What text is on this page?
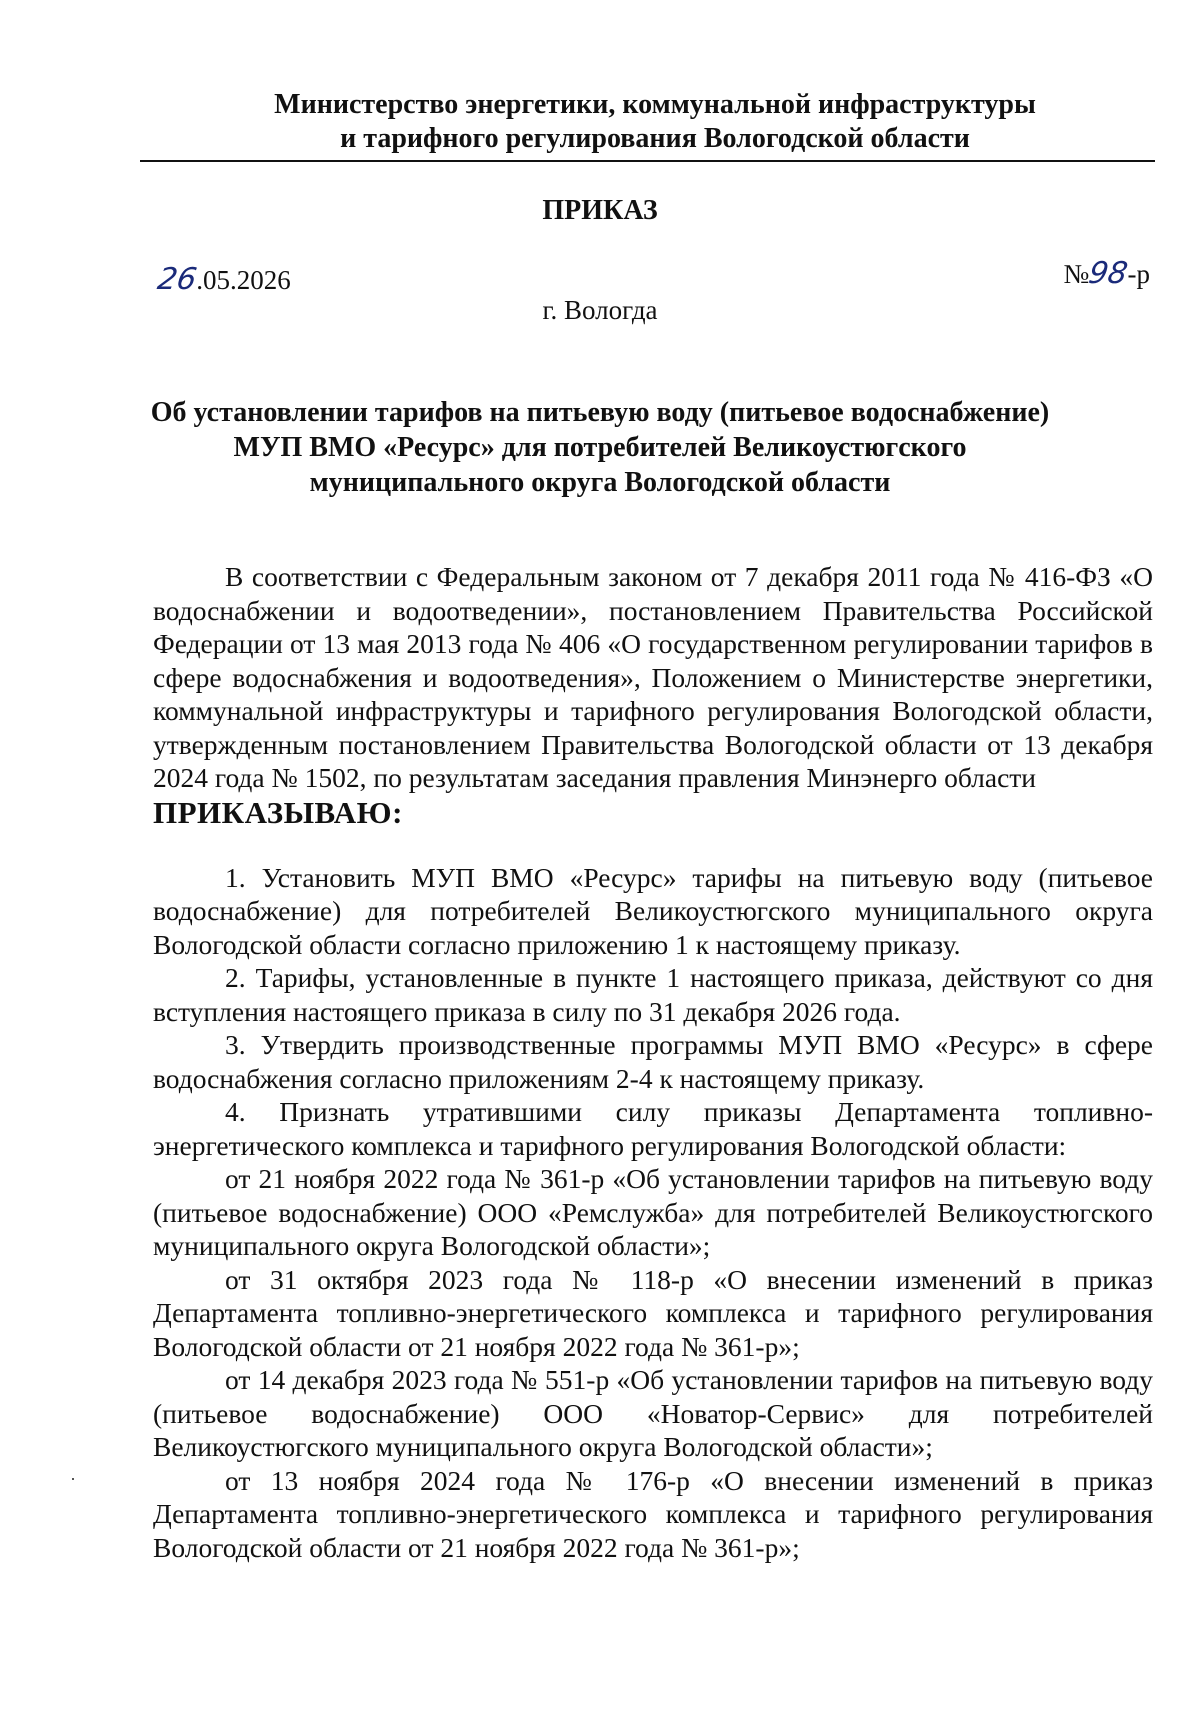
Министерство энергетики, коммунальной инфраструктуры
и тарифного регулирования Вологодской области
ПРИКАЗ
26.05.2026	№98-р
г. Вологда
Об установлении тарифов на питьевую воду (питьевое водоснабжение)
МУП ВМО «Ресурс» для потребителей Великоустюгского
муниципального округа Вологодской области

В соответствии с Федеральным законом от 7 декабря 2011 года № 416-ФЗ «О водоснабжении и водоотведении», постановлением Правительства Российской Федерации от 13 мая 2013 года № 406 «О государственном регулировании тарифов в сфере водоснабжения и водоотведения», Положением о Министерстве энергетики, коммунальной инфраструктуры и тарифного регулирования Вологодской области, утвержденным постановлением Правительства Вологодской области от 13 декабря 2024 года № 1502, по результатам заседания правления Минэнерго области

ПРИКАЗЫВАЮ:

1. Установить МУП ВМО «Ресурс» тарифы на питьевую воду (питьевое водоснабжение) для потребителей Великоустюгского муниципального округа Вологодской области согласно приложению 1 к настоящему приказу.

2. Тарифы, установленные в пункте 1 настоящего приказа, действуют со дня вступления настоящего приказа в силу по 31 декабря 2026 года.

3. Утвердить производственные программы МУП ВМО «Ресурс» в сфере водоснабжения согласно приложениям 2-4 к настоящему приказу.

4. Признать утратившими силу приказы Департамента топливно-энергетического комплекса и тарифного регулирования Вологодской области:

от 21 ноября 2022 года № 361-р «Об установлении тарифов на питьевую воду (питьевое водоснабжение) ООО «Ремслужба» для потребителей Великоустюгского муниципального округа Вологодской области»;

от 31 октября 2023 года № 118-р «О внесении изменений в приказ Департамента топливно-энергетического комплекса и тарифного регулирования Вологодской области от 21 ноября 2022 года № 361-р»;

от 14 декабря 2023 года № 551-р «Об установлении тарифов на питьевую воду (питьевое водоснабжение) ООО «Новатор-Сервис» для потребителей Великоустюгского муниципального округа Вологодской области»;

от 13 ноября 2024 года № 176-р «О внесении изменений в приказ Департамента топливно-энергетического комплекса и тарифного регулирования Вологодской области от 21 ноября 2022 года № 361-р»;
